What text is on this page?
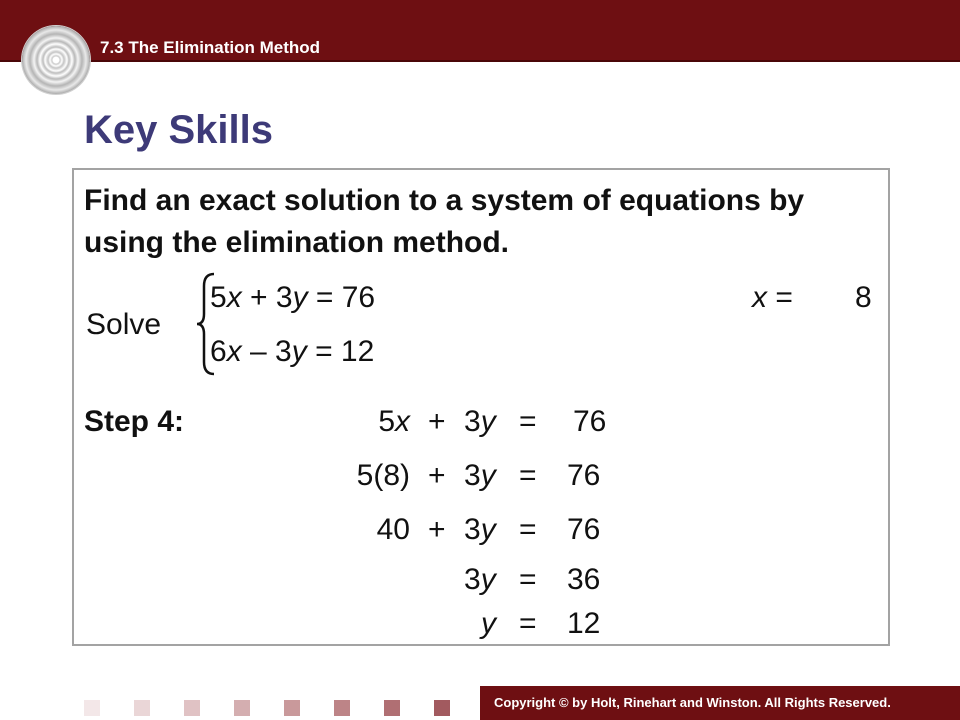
7.3 The Elimination Method
Key Skills
Find an exact solution to a system of equations by using the elimination method.
Solve
5x + 3y = 76
6x – 3y = 12
x = 8
Step 4:	5x + 3y = 76
5(8) + 3y = 76
40 + 3y = 76
3y = 36
y = 12
Copyright © by Holt, Rinehart and Winston. All Rights Reserved.
